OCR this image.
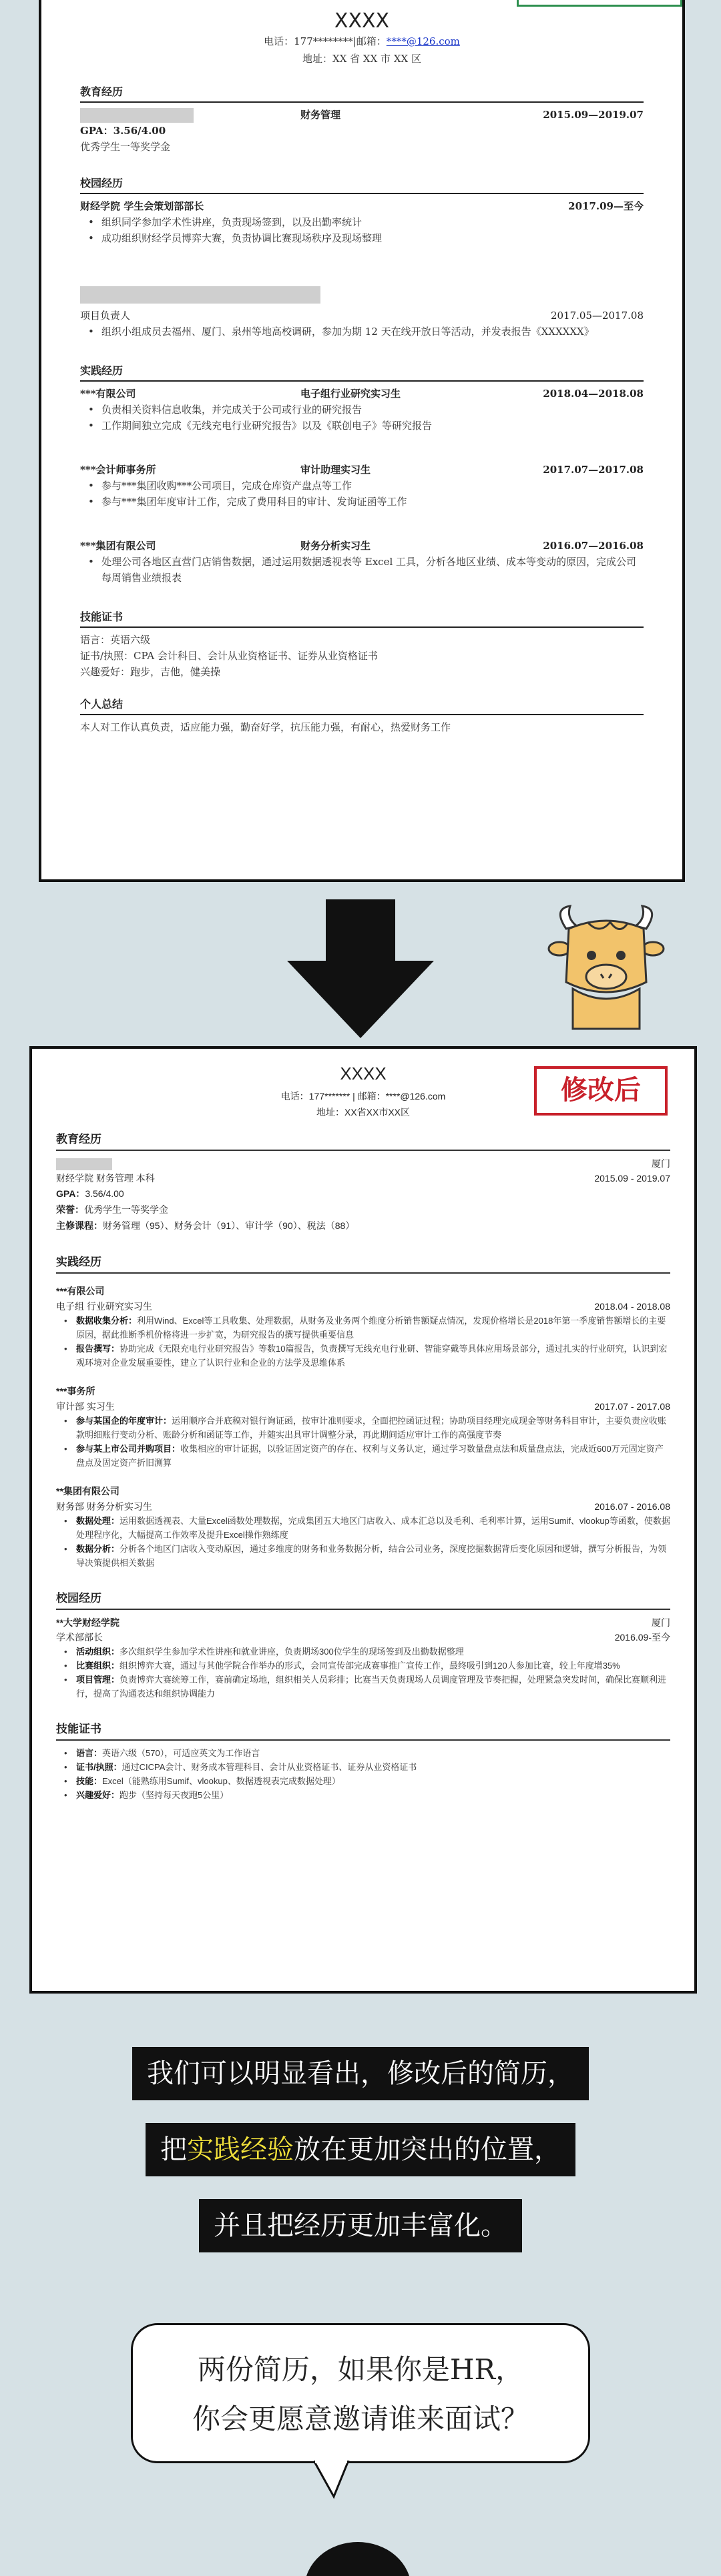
XXXX
电话：177********|邮箱：****@126.com
地址：XX 省 XX 市 XX 区
教育经历
财务管理	2015.09—2019.07
GPA：3.56/4.00
优秀学生一等奖学金
校园经历
财经学院 学生会策划部部长	2017.09—至今
• 组织同学参加学术性讲座，负责现场签到，以及出勤率统计
• 成功组织财经学员博弈大赛，负责协调比赛现场秩序及现场整理
项目负责人	2017.05—2017.08
• 组织小组成员去福州、厦门、泉州等地高校调研，参加为期 12 天在线开放日等活动，并发表报告《XXXXXX》
实践经历
***有限公司	电子组行业研究实习生	2018.04—2018.08
• 负责相关资料信息收集，并完成关于公司或行业的研究报告
• 工作期间独立完成《无线充电行业研究报告》以及《联创电子》等研究报告
***会计师事务所	审计助理实习生	2017.07—2017.08
• 参与***集团收购***公司项目，完成仓库资产盘点等工作
• 参与***集团年度审计工作，完成了费用科目的审计、发询证函等工作
***集团有限公司	财务分析实习生	2016.07—2016.08
• 处理公司各地区直营门店销售数据，通过运用数据透视表等 Excel 工具，分析各地区业绩、成本等变动的原因，完成公司每周销售业绩报表
技能证书
语言：英语六级
证书/执照：CPA 会计科目、会计从业资格证书、证券从业资格证书
兴趣爱好：跑步，吉他，健美操
个人总结
本人对工作认真负责，适应能力强，勤奋好学，抗压能力强，有耐心，热爱财务工作
修改后
XXXX
电话：177******* | 邮箱：****@126.com
地址：XX省XX市XX区
教育经历
厦门
财经学院 财务管理 本科	2015.09 - 2019.07
GPA：3.56/4.00
荣誉：优秀学生一等奖学金
主修课程：财务管理（95）、财务会计（91）、审计学（90）、税法（88）
实践经历
***有限公司
电子组 行业研究实习生	2018.04 - 2018.08
• 数据收集分析：利用Wind、Excel等工具收集、处理数据，从财务及业务两个维度分析销售额疑点情况，发现价格增长是2018年第一季度销售额增长的主要原因，据此推断季机价格将进一步扩宽，为研究报告的撰写提供重要信息
• 报告撰写：协助完成《无限充电行业研究报告》等数10篇报告，负责撰写无线充电行业研、智能穿戴等具体应用场景部分，通过扎实的行业研究，认识到宏观环境对企业发展重要性，建立了认识行业和企业的方法学及思维体系
***事务所
审计部 实习生	2017.07 - 2017.08
• 参与某国企的年度审计：运用顺序合并底稿对银行询证函，按审计准则要求，全面把控函证过程；协助项目经理完成现金等财务科目审计，主要负责应收账款明细账行变动分析、账龄分析和函证等工作，并随实出具审计调整分录，再此期间适应审计工作的高强度节奏
• 参与某上市公司并购项目：收集相应的审计证据，以验证固定资产的存在、权利与义务认定，通过学习数量盘点法和质量盘点法，完成近600万元固定资产盘点及固定资产折旧测算
**集团有限公司
财务部 财务分析实习生	2016.07 - 2016.08
• 数据处理：运用数据透视表、大量Excel函数处理数据，完成集团五大地区门店收入、成本汇总以及毛利、毛利率计算，运用Sumif、vlookup等函数，使数据处理程序化，大幅提高工作效率及提升Excel操作熟练度
• 数据分析：分析各个地区门店收入变动原因，通过多维度的财务和业务数据分析，结合公司业务，深度挖掘数据背后变化原因和逻辑，撰写分析报告，为领导决策提供相关数据
校园经历
**大学财经学院	厦门
学术部部长	2016.09-至今
• 活动组织：多次组织学生参加学术性讲座和就业讲座，负责期场300位学生的现场签到及出勤数据整理
• 比赛组织：组织博弈大赛，通过与其他学院合作举办的形式，会同宣传部完成赛事推广宣传工作，最终吸引到120人参加比赛，较上年度增35%
• 项目管理：负责博弈大赛统筹工作，赛前确定场地，组织相关人员彩排；比赛当天负责现场人员调度管理及节奏把握，处理紧急突发时间，确保比赛顺利进行，提高了沟通表达和组织协调能力
技能证书
• 语言：英语六级（570），可适应英文为工作语言
• 证书/执照：通过CICPA会计、财务成本管理科目、会计从业资格证书、证券从业资格证书
• 技能：Excel（能熟练用Sumif、vlookup、数据透视表完成数据处理）
• 兴趣爱好：跑步（坚持每天夜跑5公里）
我们可以明显看出，修改后的简历，
把实践经验放在更加突出的位置，
并且把经历更加丰富化。
两份简历，如果你是HR，
你会更愿意邀请谁来面试？
